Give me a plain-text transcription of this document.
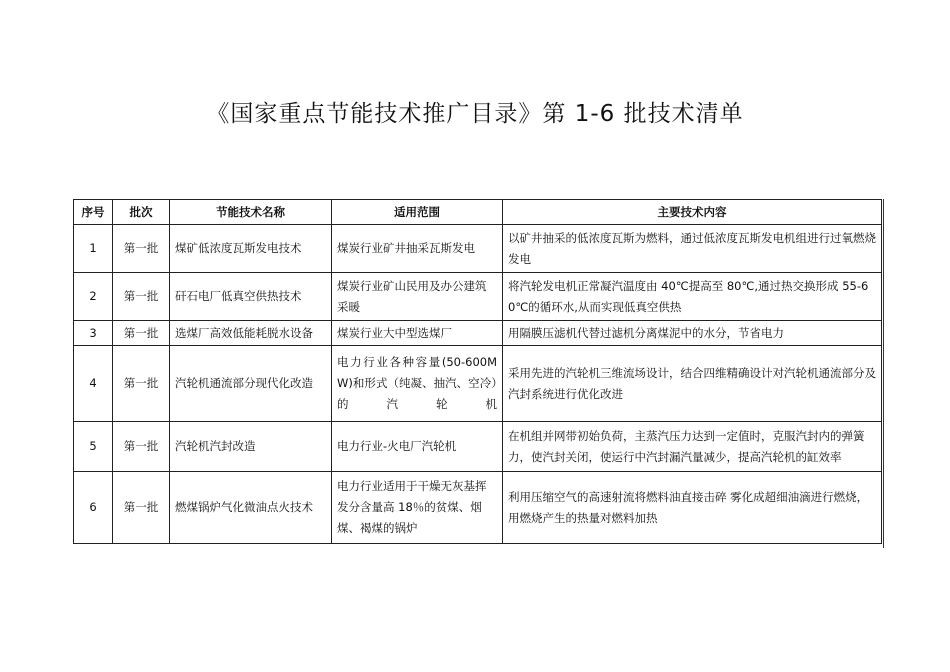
《国家重点节能技术推广目录》第 1-6 批技术清单
序号	批次	节能技术名称	适用范围	主要技术内容
1	第一批	煤矿低浓度瓦斯发电技术	煤炭行业矿井抽采瓦斯发电	以矿井抽采的低浓度瓦斯为燃料，通过低浓度瓦斯发电机组进行过氧燃烧发电
2	第一批	矸石电厂低真空供热技术	煤炭行业矿山民用及办公建筑采暖	将汽轮发电机正常凝汽温度由 40℃提高至 80℃,通过热交换形成 55-60℃的循环水,从而实现低真空供热
3	第一批	选煤厂高效低能耗脱水设备	煤炭行业大中型选煤厂	用隔膜压滤机代替过滤机分离煤泥中的水分，节省电力
4	第一批	汽轮机通流部分现代化改造	电力行业各种容量(50-600MW)和形式（纯凝、抽汽、空冷）的汽轮机	采用先进的汽轮机三维流场设计，结合四维精确设计对汽轮机通流部分及汽封系统进行优化改进
5	第一批	汽轮机汽封改造	电力行业-火电厂汽轮机	在机组并网带初始负荷，主蒸汽压力达到一定值时，克服汽封内的弹簧力，使汽封关闭，使运行中汽封漏汽量减少，提高汽轮机的缸效率
6	第一批	燃煤锅炉气化微油点火技术	电力行业适用于干燥无灰基挥发分含量高 18％的贫煤、烟煤、褐煤的锅炉	利用压缩空气的高速射流将燃料油直接击碎 雾化成超细油滴进行燃烧，用燃烧产生的热量对燃料加热
